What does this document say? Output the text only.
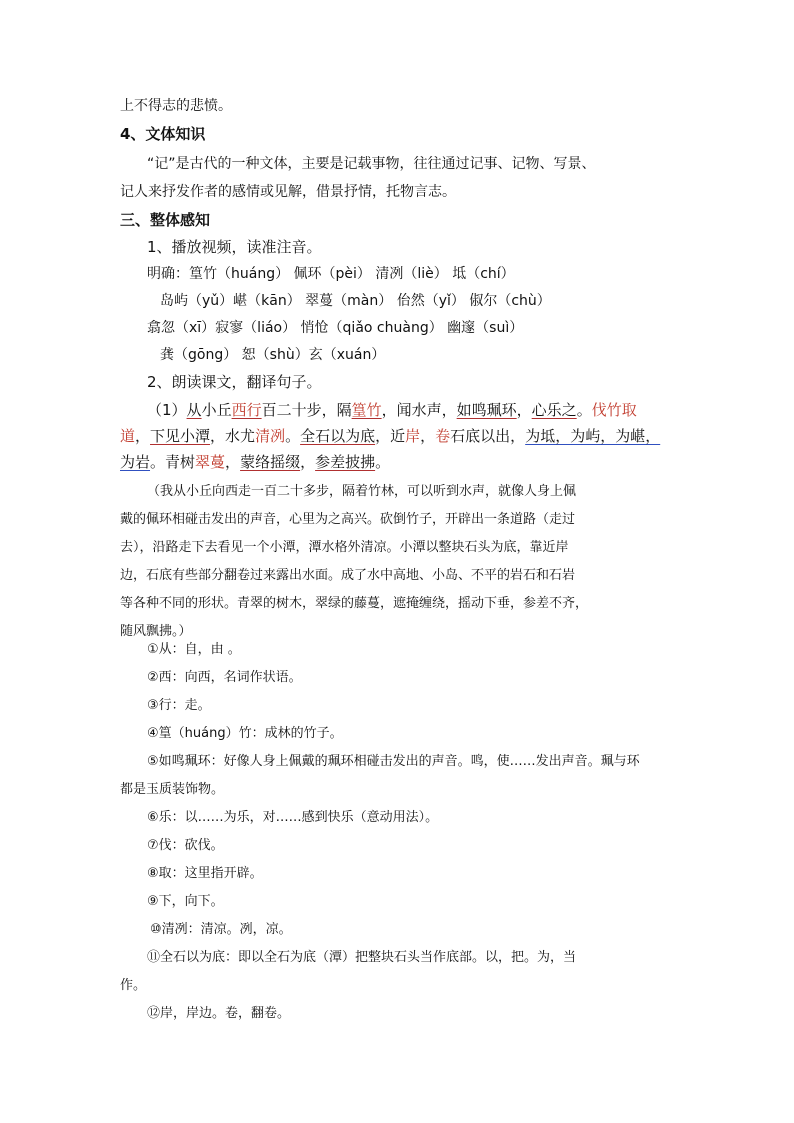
上不得志的悲愤。
4、文体知识
“记”是古代的一种文体，主要是记载事物，往往通过记事、记物、写景、
记人来抒发作者的感情或见解，借景抒情，托物言志。
三、整体感知
1、播放视频，读准注音。
明确：篁竹（huáng） 佩环（pèi） 清冽（liè） 坻（chí）
岛屿（yǔ）嵁（kān） 翠蔓（màn） 佁然（yǐ） 俶尔（chù）
翕忽（xī）寂寥（liáo） 悄怆（qiǎo chuàng） 幽邃（suì）
龚（gōng） 恕（shù）玄（xuán）
2、朗读课文，翻译句子。
（1）从小丘西行百二十步，隔篁竹，闻水声，如鸣珮环，心乐之。伐竹取
道，下见小潭，水尤清冽。全石以为底，近岸，卷石底以出，为坻，为屿，为嵁，
为岩。青树翠蔓，蒙络摇缀，参差披拂。
（我从小丘向西走一百二十多步，隔着竹林，可以听到水声，就像人身上佩
戴的佩环相碰击发出的声音，心里为之高兴。砍倒竹子，开辟出一条道路（走过
去），沿路走下去看见一个小潭，潭水格外清凉。小潭以整块石头为底，靠近岸
边，石底有些部分翻卷过来露出水面。成了水中高地、小岛、不平的岩石和石岩
等各种不同的形状。青翠的树木，翠绿的藤蔓，遮掩缠绕，摇动下垂，参差不齐，
随风飘拂。）
①从：自，由 。
②西：向西，名词作状语。
③行：走。
④篁（huáng）竹：成林的竹子。
⑤如鸣珮环：好像人身上佩戴的珮环相碰击发出的声音。鸣，使……发出声音。珮与环
都是玉质装饰物。
⑥乐：以……为乐，对……感到快乐（意动用法）。
⑦伐：砍伐。
⑧取：这里指开辟。
⑨下，向下。
⑩清冽：清凉。冽，凉。
⑪全石以为底：即以全石为底（潭）把整块石头当作底部。以，把。为，当
作。
⑫岸，岸边。卷，翻卷。
